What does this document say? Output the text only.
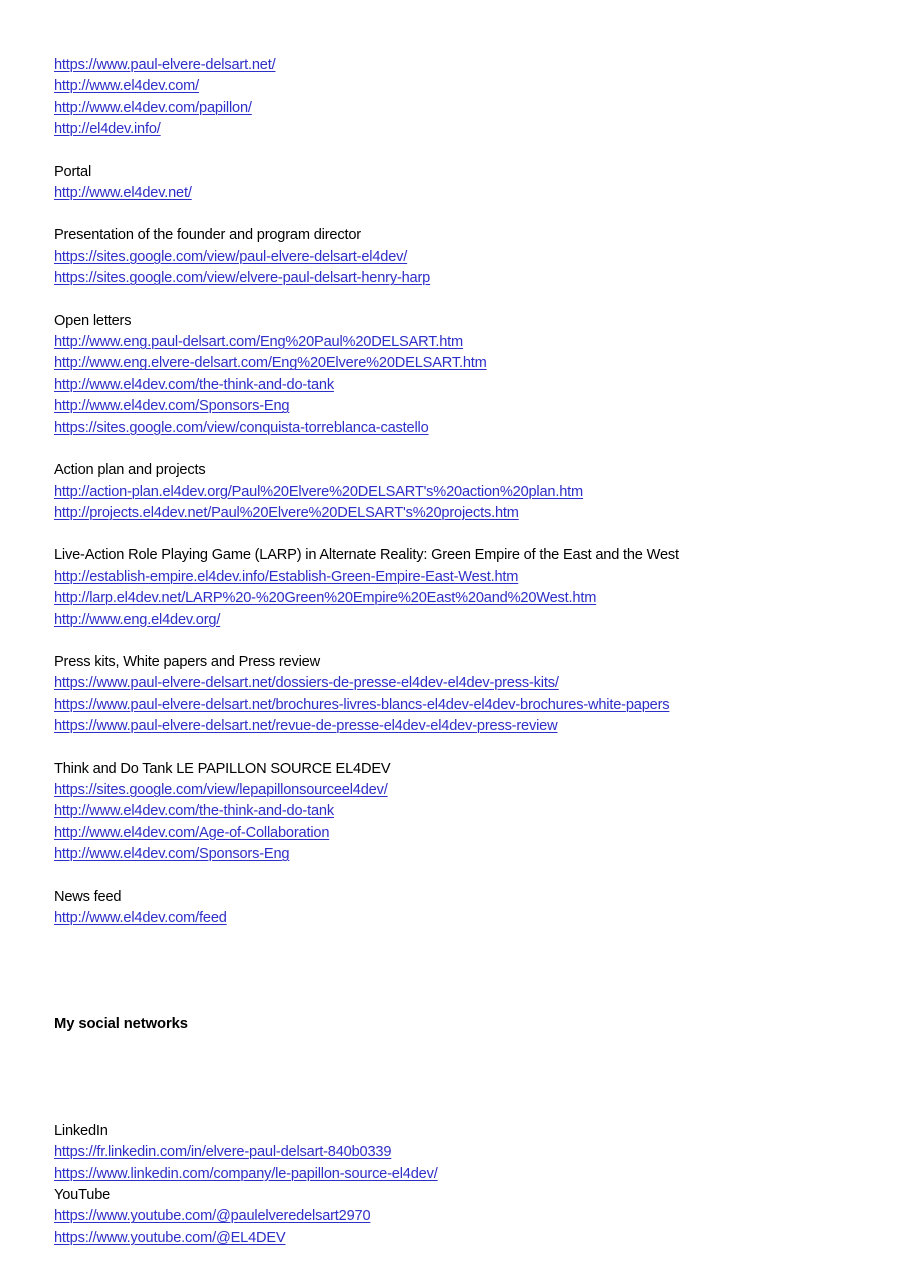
https://www.paul-elvere-delsart.net/
http://www.el4dev.com/
http://www.el4dev.com/papillon/
http://el4dev.info/
Portal
http://www.el4dev.net/
Presentation of the founder and program director
https://sites.google.com/view/paul-elvere-delsart-el4dev/
https://sites.google.com/view/elvere-paul-delsart-henry-harp
Open letters
http://www.eng.paul-delsart.com/Eng%20Paul%20DELSART.htm
http://www.eng.elvere-delsart.com/Eng%20Elvere%20DELSART.htm
http://www.el4dev.com/the-think-and-do-tank
http://www.el4dev.com/Sponsors-Eng
https://sites.google.com/view/conquista-torreblanca-castello
Action plan and projects
http://action-plan.el4dev.org/Paul%20Elvere%20DELSART's%20action%20plan.htm
http://projects.el4dev.net/Paul%20Elvere%20DELSART's%20projects.htm
Live-Action Role Playing Game (LARP) in Alternate Reality: Green Empire of the East and the West
http://establish-empire.el4dev.info/Establish-Green-Empire-East-West.htm
http://larp.el4dev.net/LARP%20-%20Green%20Empire%20East%20and%20West.htm
http://www.eng.el4dev.org/
Press kits, White papers and Press review
https://www.paul-elvere-delsart.net/dossiers-de-presse-el4dev-el4dev-press-kits/
https://www.paul-elvere-delsart.net/brochures-livres-blancs-el4dev-el4dev-brochures-white-papers
https://www.paul-elvere-delsart.net/revue-de-presse-el4dev-el4dev-press-review
Think and Do Tank LE PAPILLON SOURCE EL4DEV
https://sites.google.com/view/lepapillonsourceel4dev/
http://www.el4dev.com/the-think-and-do-tank
http://www.el4dev.com/Age-of-Collaboration
http://www.el4dev.com/Sponsors-Eng
News feed
http://www.el4dev.com/feed
My social networks
LinkedIn
https://fr.linkedin.com/in/elvere-paul-delsart-840b0339
https://www.linkedin.com/company/le-papillon-source-el4dev/
YouTube
https://www.youtube.com/@paulelveredelsart2970
https://www.youtube.com/@EL4DEV
